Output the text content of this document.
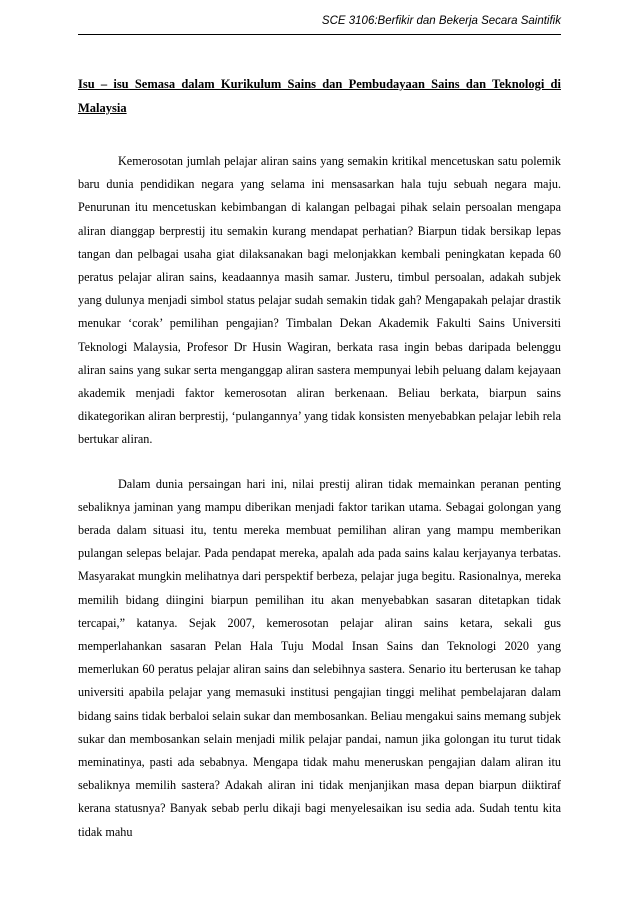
SCE 3106:Berfikir dan Bekerja Secara Saintifik

Isu – isu Semasa dalam Kurikulum Sains dan Pembudayaan Sains dan Teknologi di Malaysia

Kemerosotan jumlah pelajar aliran sains yang semakin kritikal mencetuskan satu polemik baru dunia pendidikan negara yang selama ini mensasarkan hala tuju sebuah negara maju. Penurunan itu mencetuskan kebimbangan di kalangan pelbagai pihak selain persoalan mengapa aliran dianggap berprestij itu semakin kurang mendapat perhatian? Biarpun tidak bersikap lepas tangan dan pelbagai usaha giat dilaksanakan bagi melonjakkan kembali peningkatan kepada 60 peratus pelajar aliran sains, keadaannya masih samar. Justeru, timbul persoalan, adakah subjek yang dulunya menjadi simbol status pelajar sudah semakin tidak gah? Mengapakah pelajar drastik menukar ‘corak’ pemilihan pengajian? Timbalan Dekan Akademik Fakulti Sains Universiti Teknologi Malaysia, Profesor Dr Husin Wagiran, berkata rasa ingin bebas daripada belenggu aliran sains yang sukar serta menganggap aliran sastera mempunyai lebih peluang dalam kejayaan akademik menjadi faktor kemerosotan aliran berkenaan. Beliau berkata, biarpun sains dikategorikan aliran berprestij, ‘pulangannya’ yang tidak konsisten menyebabkan pelajar lebih rela bertukar aliran.

Dalam dunia persaingan hari ini, nilai prestij aliran tidak memainkan peranan penting sebaliknya jaminan yang mampu diberikan menjadi faktor tarikan utama. Sebagai golongan yang berada dalam situasi itu, tentu mereka membuat pemilihan aliran yang mampu memberikan pulangan selepas belajar. Pada pendapat mereka, apalah ada pada sains kalau kerjayanya terbatas. Masyarakat mungkin melihatnya dari perspektif berbeza, pelajar juga begitu. Rasionalnya, mereka memilih bidang diingini biarpun pemilihan itu akan menyebabkan sasaran ditetapkan tidak tercapai,” katanya. Sejak 2007, kemerosotan pelajar aliran sains ketara, sekali gus memperlahankan sasaran Pelan Hala Tuju Modal Insan Sains dan Teknologi 2020 yang memerlukan 60 peratus pelajar aliran sains dan selebihnya sastera. Senario itu berterusan ke tahap universiti apabila pelajar yang memasuki institusi pengajian tinggi melihat pembelajaran dalam bidang sains tidak berbaloi selain sukar dan membosankan. Beliau mengakui sains memang subjek sukar dan membosankan selain menjadi milik pelajar pandai, namun jika golongan itu turut tidak meminatinya, pasti ada sebabnya. Mengapa tidak mahu meneruskan pengajian dalam aliran itu sebaliknya memilih sastera? Adakah aliran ini tidak menjanjikan masa depan biarpun diiktiraf kerana statusnya? Banyak sebab perlu dikaji bagi menyelesaikan isu sedia ada. Sudah tentu kita tidak mahu
